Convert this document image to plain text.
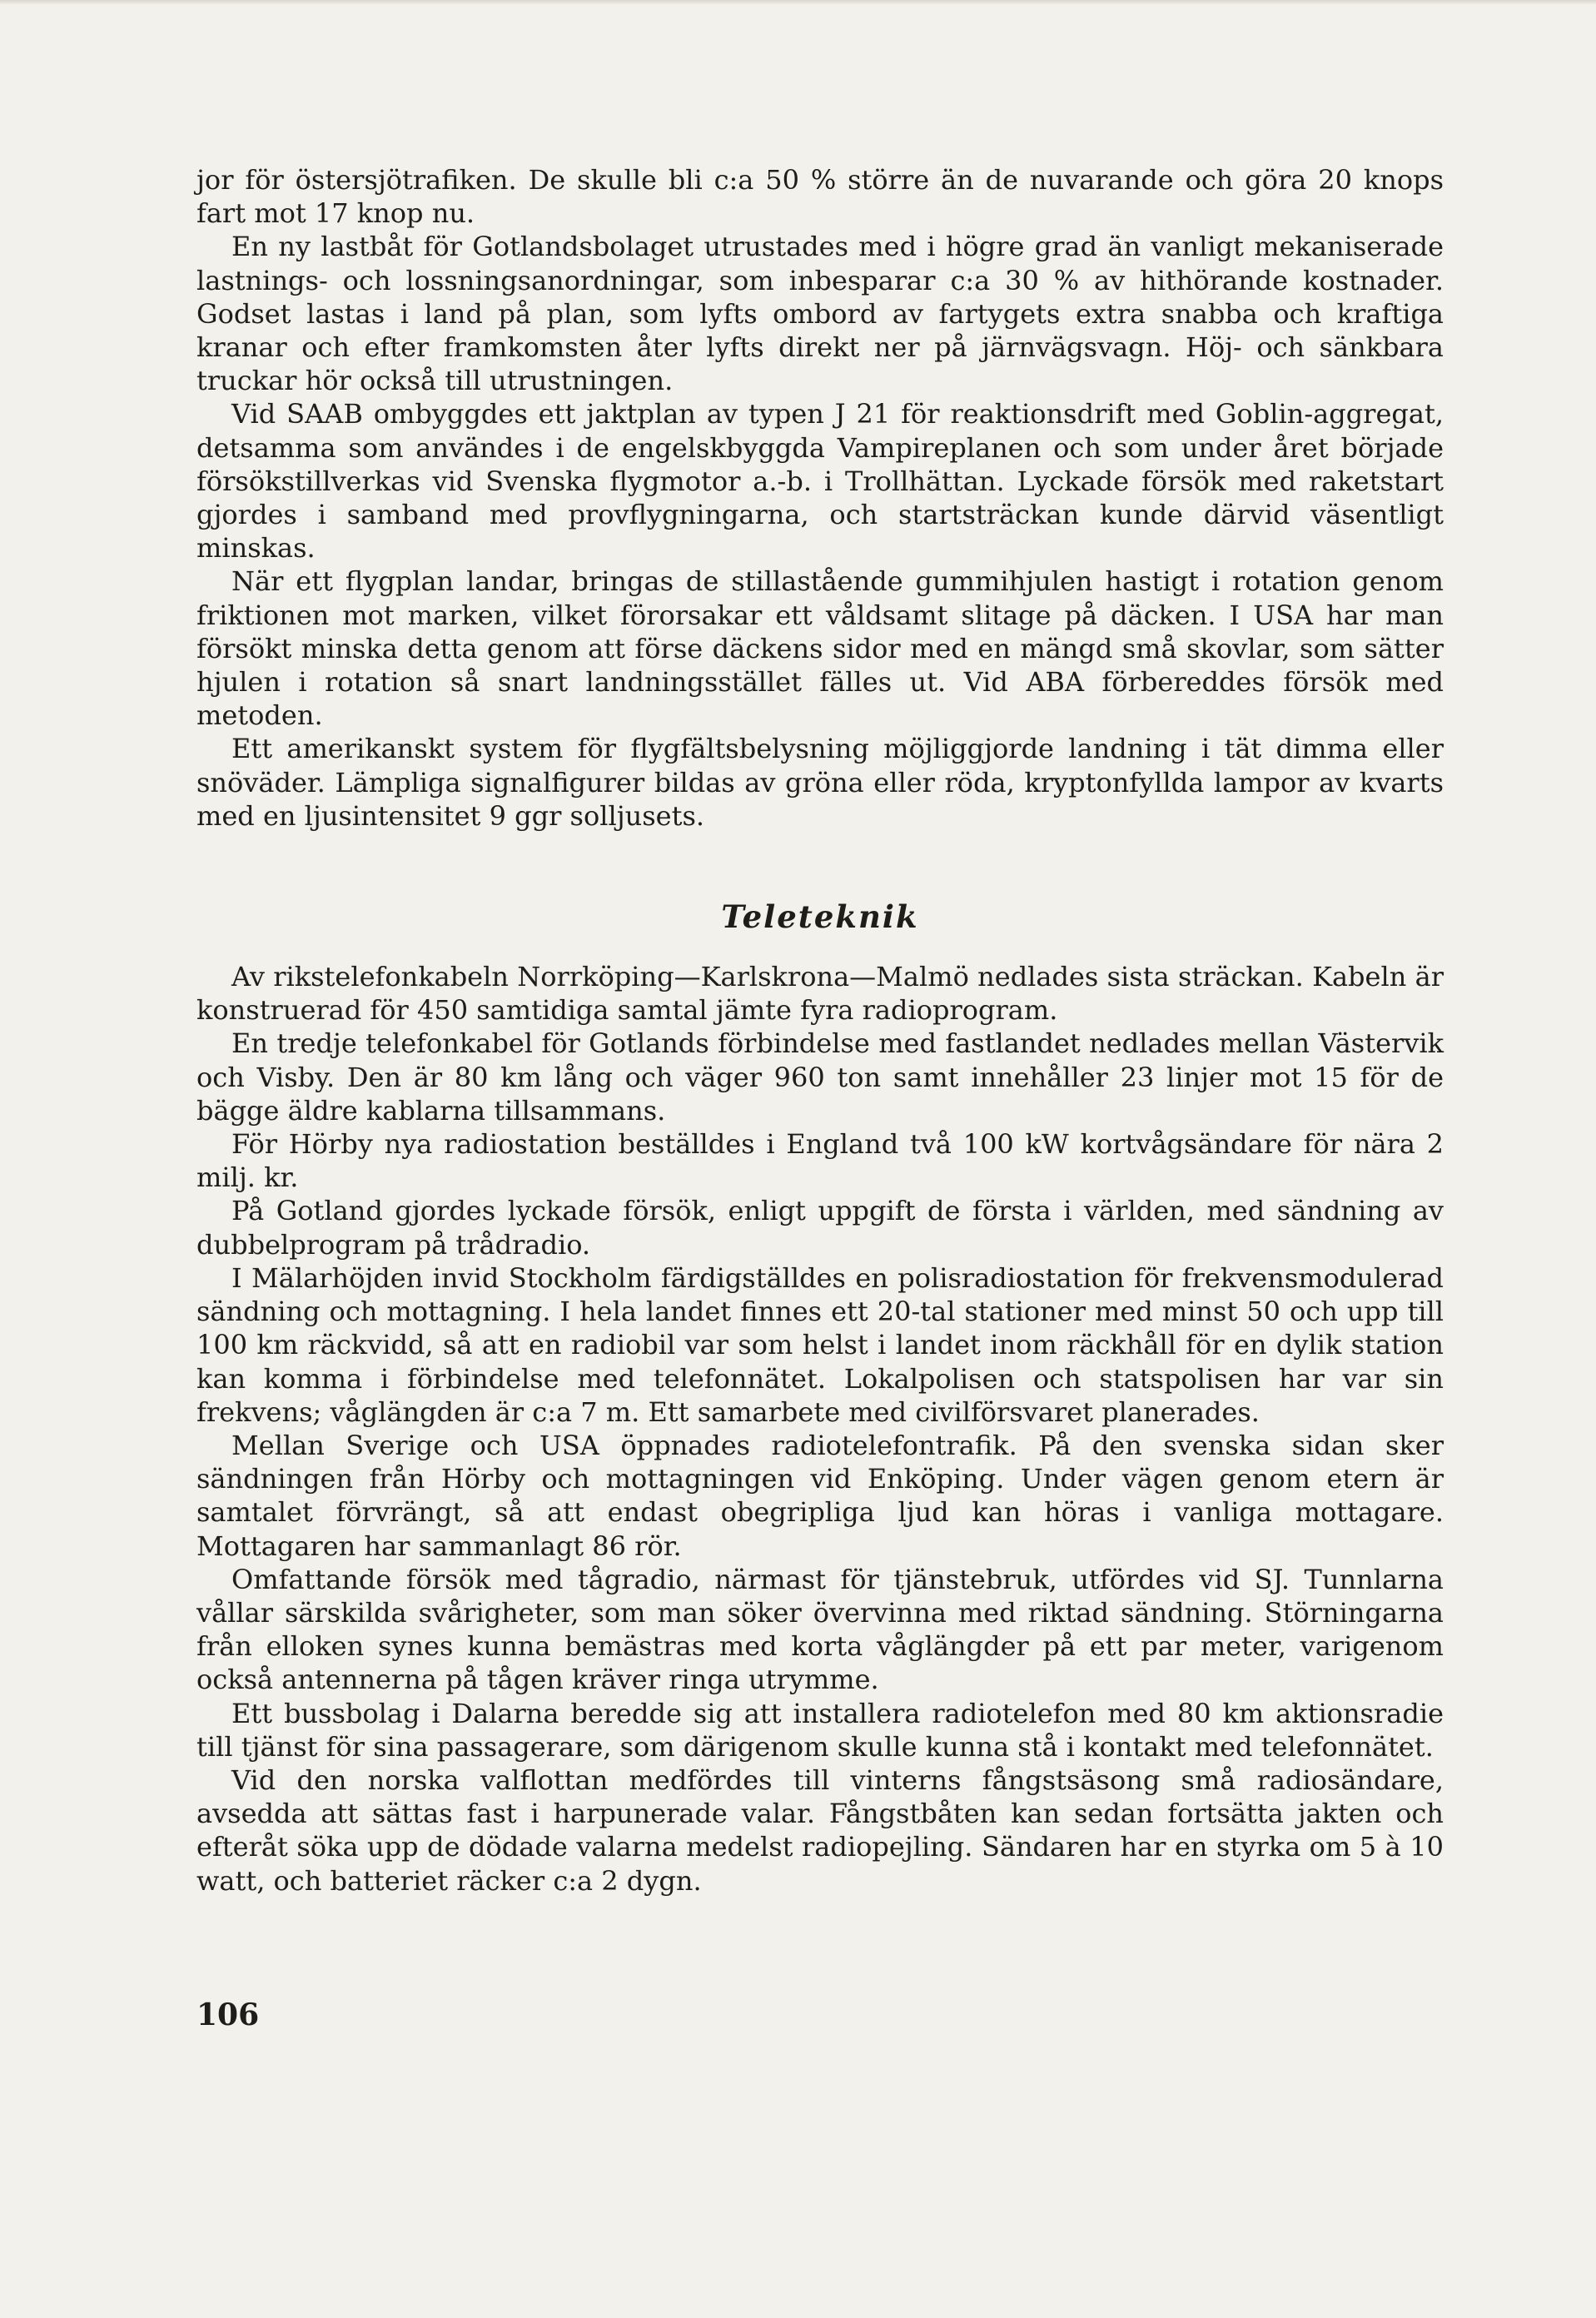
jor för östersjötrafiken. De skulle bli c:a 50 % större än de nuvarande och göra 20 knops fart mot 17 knop nu.

En ny lastbåt för Gotlandsbolaget utrustades med i högre grad än vanligt mekaniserade lastnings- och lossningsanordningar, som inbesparar c:a 30 % av hithörande kostnader. Godset lastas i land på plan, som lyfts ombord av fartygets extra snabba och kraftiga kranar och efter framkomsten åter lyfts direkt ner på järnvägsvagn. Höj- och sänkbara truckar hör också till utrustningen.

Vid SAAB ombyggdes ett jaktplan av typen J 21 för reaktionsdrift med Goblin-aggregat, detsamma som användes i de engelskbyggda Vampireplanen och som under året började försökstillverkas vid Svenska flygmotor a.-b. i Trollhättan. Lyckade försök med raketstart gjordes i samband med provflygningarna, och startsträckan kunde därvid väsentligt minskas.

När ett flygplan landar, bringas de stillastående gummihjulen hastigt i rotation genom friktionen mot marken, vilket förorsakar ett våldsamt slitage på däcken. I USA har man försökt minska detta genom att förse däckens sidor med en mängd små skovlar, som sätter hjulen i rotation så snart landningsstället fälles ut. Vid ABA förbereddes försök med metoden.

Ett amerikanskt system för flygfältsbelysning möjliggjorde landning i tät dimma eller snöväder. Lämpliga signalfigurer bildas av gröna eller röda, kryptonfyllda lampor av kvarts med en ljusintensitet 9 ggr solljusets.

Teleteknik

Av rikstelefonkabeln Norrköping—Karlskrona—Malmö nedlades sista sträckan. Kabeln är konstruerad för 450 samtidiga samtal jämte fyra radioprogram.

En tredje telefonkabel för Gotlands förbindelse med fastlandet nedlades mellan Västervik och Visby. Den är 80 km lång och väger 960 ton samt innehåller 23 linjer mot 15 för de bägge äldre kablarna tillsammans.

För Hörby nya radiostation beställdes i England två 100 kW kortvågsändare för nära 2 milj. kr.

På Gotland gjordes lyckade försök, enligt uppgift de första i världen, med sändning av dubbelprogram på trådradio.

I Mälarhöjden invid Stockholm färdigställdes en polisradiostation för frekvensmodulerad sändning och mottagning. I hela landet finnes ett 20-tal stationer med minst 50 och upp till 100 km räckvidd, så att en radiobil var som helst i landet inom räckhåll för en dylik station kan komma i förbindelse med telefonnätet. Lokalpolisen och statspolisen har var sin frekvens; våglängden är c:a 7 m. Ett samarbete med civilförsvaret planerades.

Mellan Sverige och USA öppnades radiotelefontrafik. På den svenska sidan sker sändningen från Hörby och mottagningen vid Enköping. Under vägen genom etern är samtalet förvrängt, så att endast obegripliga ljud kan höras i vanliga mottagare. Mottagaren har sammanlagt 86 rör.

Omfattande försök med tågradio, närmast för tjänstebruk, utfördes vid SJ. Tunnlarna vållar särskilda svårigheter, som man söker övervinna med riktad sändning. Störningarna från elloken synes kunna bemästras med korta våglängder på ett par meter, varigenom också antennerna på tågen kräver ringa utrymme.

Ett bussbolag i Dalarna beredde sig att installera radiotelefon med 80 km aktionsradie till tjänst för sina passagerare, som därigenom skulle kunna stå i kontakt med telefonnätet.

Vid den norska valflottan medfördes till vinterns fångstsäsong små radiosändare, avsedda att sättas fast i harpunerade valar. Fångstbåten kan sedan fortsätta jakten och efteråt söka upp de dödade valarna medelst radiopejling. Sändaren har en styrka om 5 à 10 watt, och batteriet räcker c:a 2 dygn.

106
